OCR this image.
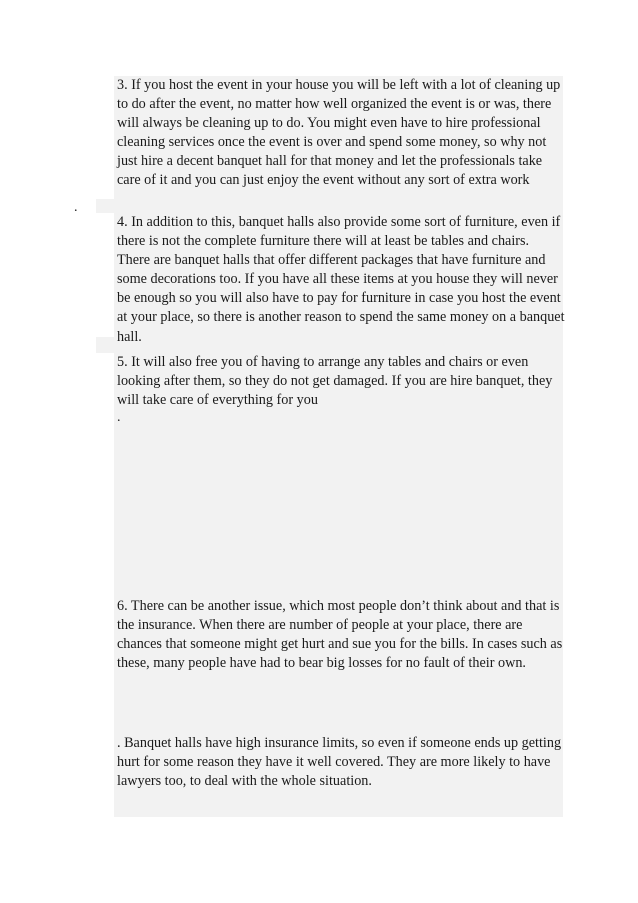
.

3. If you host the event in your house you will be left with a lot of cleaning up to do after the event, no matter how well organized the event is or was, there will always be cleaning up to do. You might even have to hire professional cleaning services once the event is over and spend some money, so why not just hire a decent banquet hall for that money and let the professionals take care of it and you can just enjoy the event without any sort of extra work

4. In addition to this, banquet halls also provide some sort of furniture, even if there is not the complete furniture there will at least be tables and chairs. There are banquet halls that offer different packages that have furniture and some decorations too. If you have all these items at you house they will never be enough so you will also have to pay for furniture in case you host the event at your place, so there is another reason to spend the same money on a banquet hall.

5. It will also free you of having to arrange any tables and chairs or even looking after them, so they do not get damaged. If you are hire banquet, they will take care of everything for you

.

6. There can be another issue, which most people don’t think about and that is the insurance. When there are number of people at your place, there are chances that someone might get hurt and sue you for the bills. In cases such as these, many people have had to bear big losses for no fault of their own.

. Banquet halls have high insurance limits, so even if someone ends up getting hurt for some reason they have it well covered. They are more likely to have lawyers too, to deal with the whole situation.
